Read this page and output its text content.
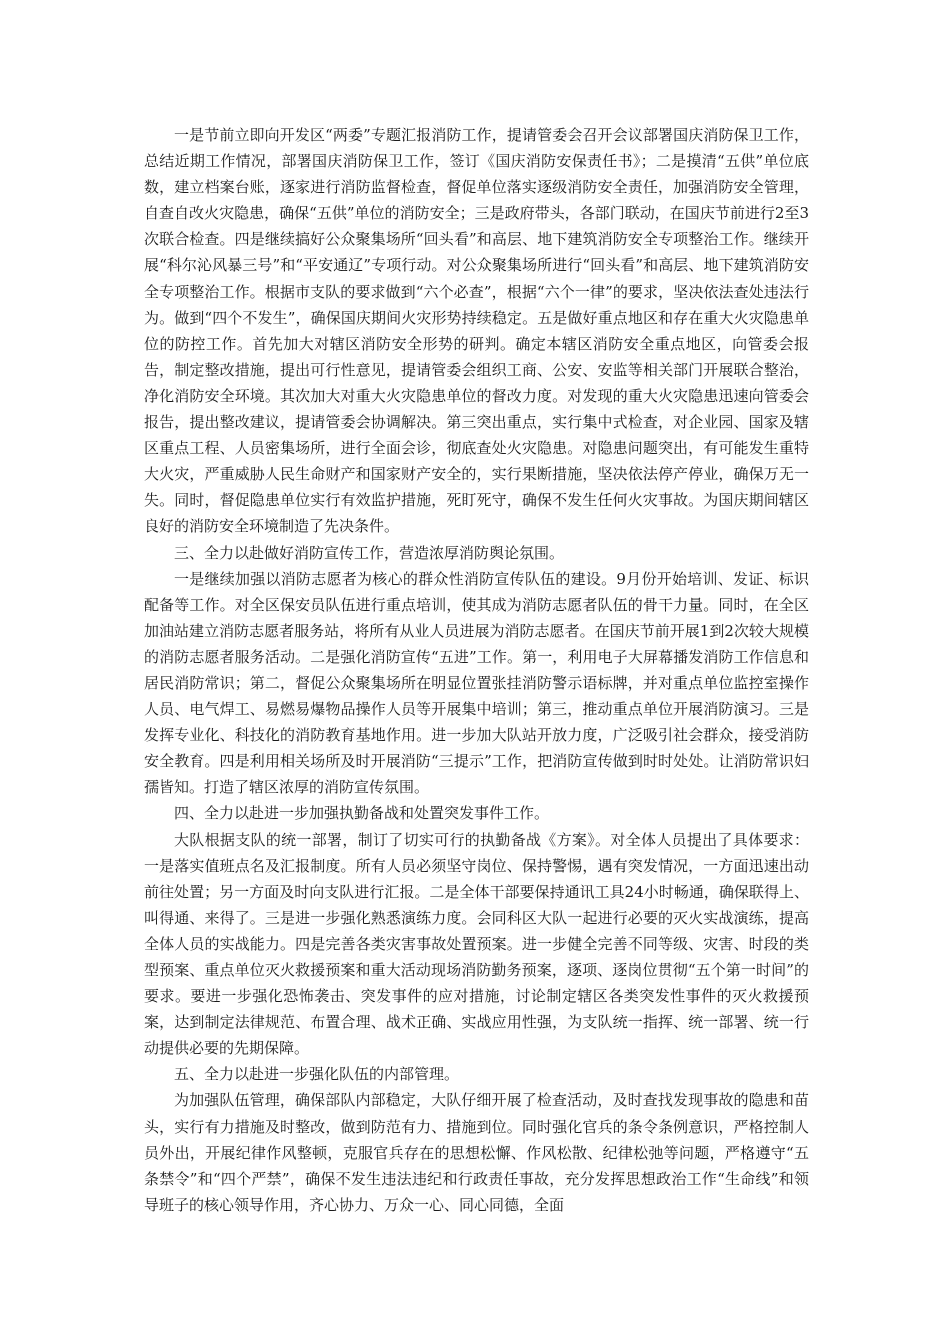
一是节前立即向开发区“两委”专题汇报消防工作，提请管委会召开会议部署国庆消防保卫工作，总结近期工作情况，部署国庆消防保卫工作，签订《国庆消防安保责任书》；二是摸清“五供”单位底数，建立档案台账，逐家进行消防监督检查，督促单位落实逐级消防安全责任，加强消防安全管理，自查自改火灾隐患，确保“五供”单位的消防安全；三是政府带头，各部门联动，在国庆节前进行2至3次联合检查。四是继续搞好公众聚集场所“回头看”和高层、地下建筑消防安全专项整治工作。继续开展“科尔沁风暴三号”和“平安通辽”专项行动。对公众聚集场所进行“回头看”和高层、地下建筑消防安全专项整治工作。根据市支队的要求做到“六个必查”，根据“六个一律”的要求，坚决依法查处违法行为。做到“四个不发生”，确保国庆期间火灾形势持续稳定。五是做好重点地区和存在重大火灾隐患单位的防控工作。首先加大对辖区消防安全形势的研判。确定本辖区消防安全重点地区，向管委会报告，制定整改措施，提出可行性意见，提请管委会组织工商、公安、安监等相关部门开展联合整治，净化消防安全环境。其次加大对重大火灾隐患单位的督改力度。对发现的重大火灾隐患迅速向管委会报告，提出整改建议，提请管委会协调解决。第三突出重点，实行集中式检查，对企业园、国家及辖区重点工程、人员密集场所，进行全面会诊，彻底查处火灾隐患。对隐患问题突出，有可能发生重特大火灾，严重威胁人民生命财产和国家财产安全的，实行果断措施，坚决依法停产停业，确保万无一失。同时，督促隐患单位实行有效监护措施，死盯死守，确保不发生任何火灾事故。为国庆期间辖区良好的消防安全环境制造了先决条件。

三、全力以赴做好消防宣传工作，营造浓厚消防舆论氛围。

一是继续加强以消防志愿者为核心的群众性消防宣传队伍的建设。9月份开始培训、发证、标识配备等工作。对全区保安员队伍进行重点培训，使其成为消防志愿者队伍的骨干力量。同时，在全区加油站建立消防志愿者服务站，将所有从业人员进展为消防志愿者。在国庆节前开展1到2次较大规模的消防志愿者服务活动。二是强化消防宣传“五进”工作。第一，利用电子大屏幕播发消防工作信息和居民消防常识；第二，督促公众聚集场所在明显位置张挂消防警示语标牌，并对重点单位监控室操作人员、电气焊工、易燃易爆物品操作人员等开展集中培训；第三，推动重点单位开展消防演习。三是发挥专业化、科技化的消防教育基地作用。进一步加大队站开放力度，广泛吸引社会群众，接受消防安全教育。四是利用相关场所及时开展消防“三提示”工作，把消防宣传做到时时处处。让消防常识妇孺皆知。打造了辖区浓厚的消防宣传氛围。

四、全力以赴进一步加强执勤备战和处置突发事件工作。

大队根据支队的统一部署，制订了切实可行的执勤备战《方案》。对全体人员提出了具体要求：一是落实值班点名及汇报制度。所有人员必须坚守岗位、保持警惕，遇有突发情况，一方面迅速出动前往处置；另一方面及时向支队进行汇报。二是全体干部要保持通讯工具24小时畅通，确保联得上、叫得通、来得了。三是进一步强化熟悉演练力度。会同科区大队一起进行必要的灭火实战演练，提高全体人员的实战能力。四是完善各类灾害事故处置预案。进一步健全完善不同等级、灾害、时段的类型预案、重点单位灭火救援预案和重大活动现场消防勤务预案，逐项、逐岗位贯彻“五个第一时间”的要求。要进一步强化恐怖袭击、突发事件的应对措施，讨论制定辖区各类突发性事件的灭火救援预案，达到制定法律规范、布置合理、战术正确、实战应用性强，为支队统一指挥、统一部署、统一行动提供必要的先期保障。

五、全力以赴进一步强化队伍的内部管理。

为加强队伍管理，确保部队内部稳定，大队仔细开展了检查活动，及时查找发现事故的隐患和苗头，实行有力措施及时整改，做到防范有力、措施到位。同时强化官兵的条令条例意识，严格控制人员外出，开展纪律作风整顿，克服官兵存在的思想松懈、作风松散、纪律松弛等问题，严格遵守“五条禁令”和“四个严禁”，确保不发生违法违纪和行政责任事故，充分发挥思想政治工作“生命线”和领导班子的核心领导作用，齐心协力、万众一心、同心同德，全面
